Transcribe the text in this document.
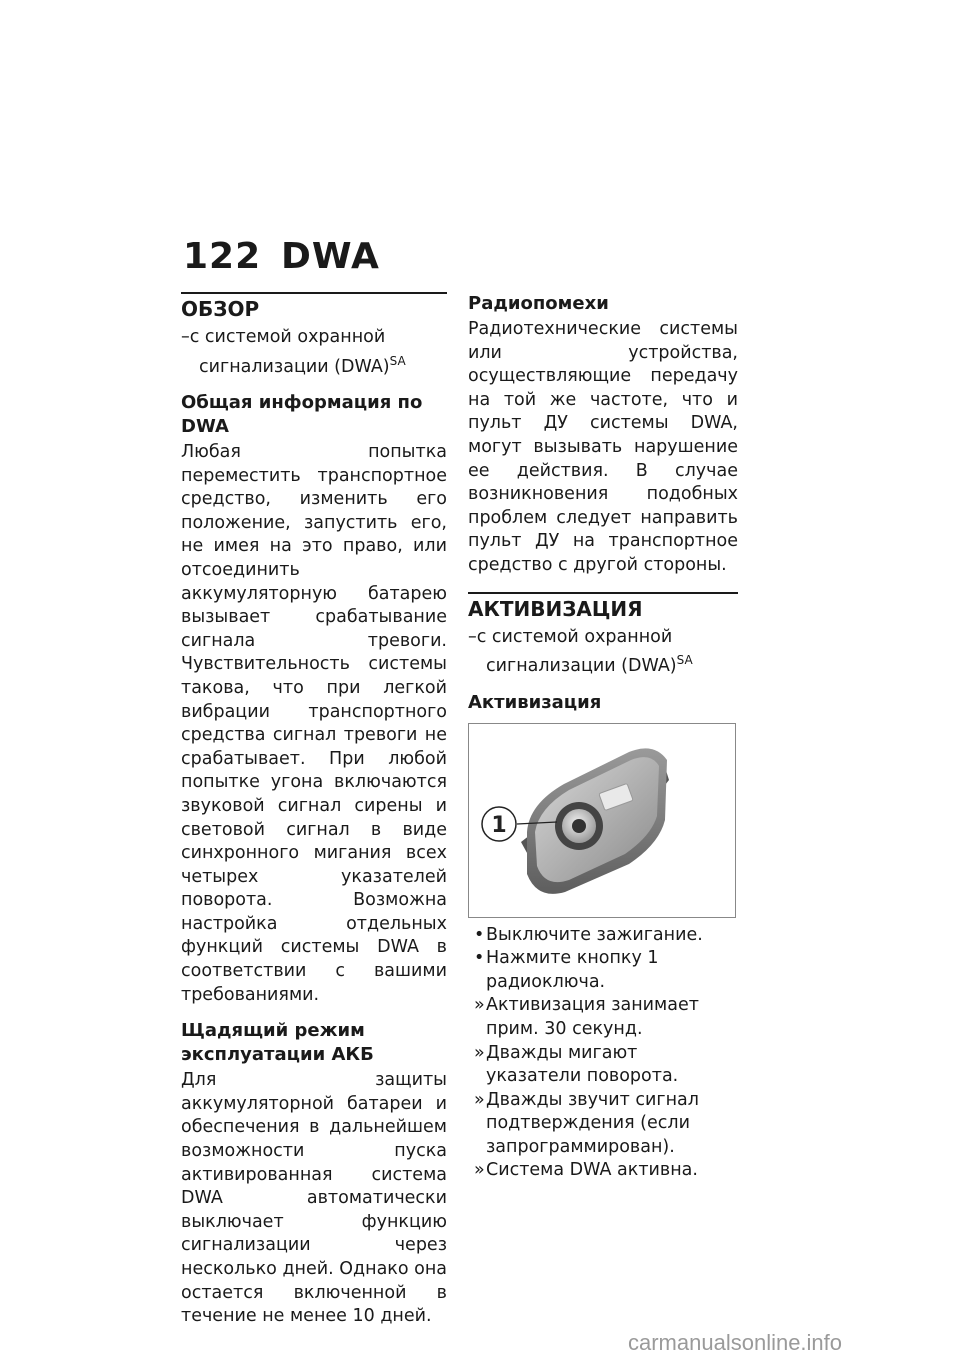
122 DWA
ОБЗОР
–с системой охранной сигнализации (DWA)$^{SA}$
Общая информация по DWA

Любая попытка переместить транспортное средство, изменить его положение, запустить его, не имея на это право, или отсоединить аккумуляторную батарею вызывает срабатывание сигнала тревоги. Чувствительность системы такова, что при легкой вибрации транспортного средства сигнал тревоги не срабатывает. При любой попытке угона включаются звуковой сигнал сирены и световой сигнал в виде синхронного мигания всех четырех указателей поворота. Возможна настройка отдельных функций системы DWA в соответствии с вашими требованиями.

Щадящий режим эксплуатации АКБ

Для защиты аккумуляторной батареи и обеспечения в дальнейшем возможности пуска активированная система DWA автоматически выключает функцию сигнализации через несколько дней. Однако она остается включенной в течение не менее 10 дней.

Радиопомехи

Радиотехнические системы или устройства, осуществляющие передачу на той же частоте, что и пульт ДУ системы DWA, могут вызывать нарушение ее действия. В случае возникновения подобных проблем следует направить пульт ДУ на транспортное средство с другой стороны.

АКТИВИЗАЦИЯ
–с системой охранной сигнализации (DWA)$^{SA}$
Активизация
1
•Выключите зажигание.
•Нажмите кнопку 1 радиоключа.
»Активизация занимает прим. 30 секунд.
»Дважды мигают указатели поворота.
»Дважды звучит сигнал подтверждения (если запрограммирован).
»Система DWA активна.
carmanualsonline.info
